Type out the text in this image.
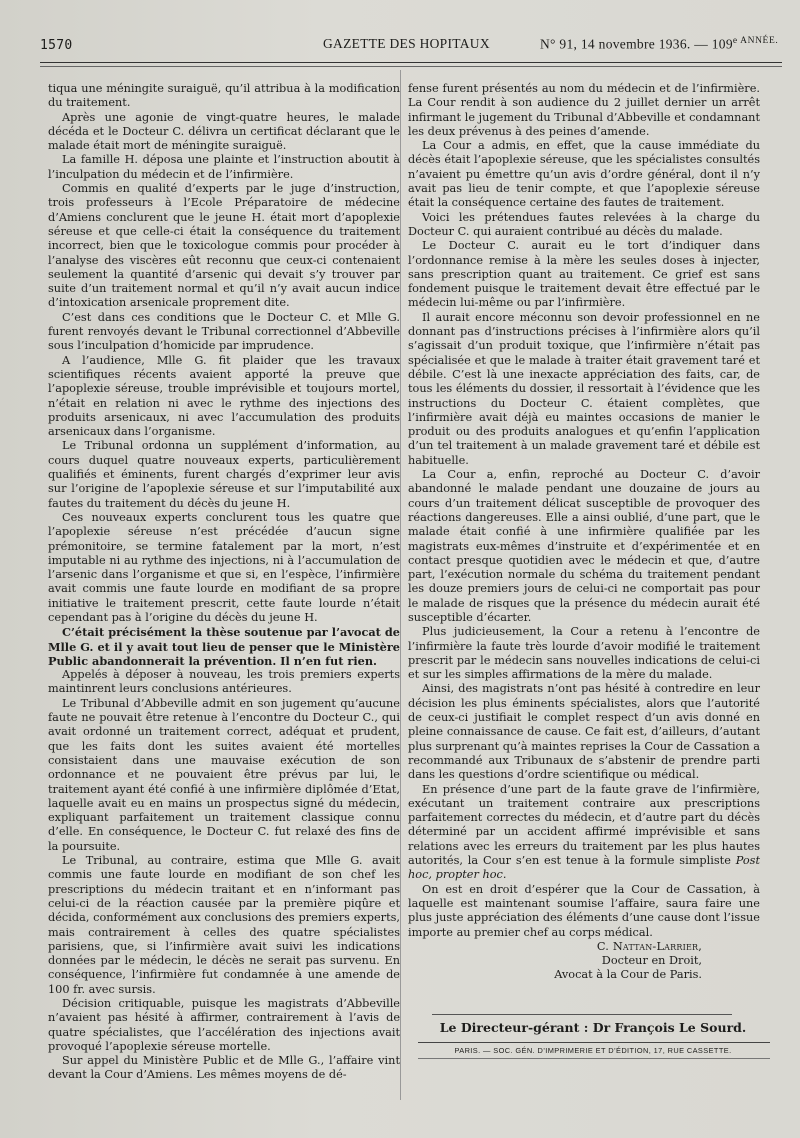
1570	GAZETTE DES HOPITAUX	N° 91, 14 novembre 1936. — $109^{e ANNÉE.}$

tiqua une méningite suraiguë, qu’il attribua à la modification du traitement.

Après une agonie de vingt-quatre heures, le malade décéda et le Docteur C. délivra un certificat déclarant que le malade était mort de méningite suraiguë.

La famille H. déposa une plainte et l’instruction aboutit à l’inculpation du médecin et de l’infirmière.

Commis en qualité d’experts par le juge d’instruction, trois professeurs à l’Ecole Préparatoire de médecine d’Amiens conclurent que le jeune H. était mort d’apoplexie séreuse et que celle-ci était la conséquence du traitement incorrect, bien que le toxicologue commis pour procéder à l’analyse des viscères eût reconnu que ceux-ci contenaient seulement la quantité d’arsenic qui devait s’y trouver par suite d’un traitement normal et qu’il n’y avait aucun indice d’intoxication arsenicale proprement dite.

C’est dans ces conditions que le Docteur C. et Mlle G. furent renvoyés devant le Tribunal correctionnel d’Abbeville sous l’inculpation d’homicide par imprudence.

A l’audience, Mlle G. fit plaider que les travaux scientifiques récents avaient apporté la preuve que l’apoplexie séreuse, trouble imprévisible et toujours mortel, n’était en relation ni avec le rythme des injections des produits arsenicaux, ni avec l’accumulation des produits arsenicaux dans l’organisme.

Le Tribunal ordonna un supplément d’information, au cours duquel quatre nouveaux experts, particulièrement qualifiés et éminents, furent chargés d’exprimer leur avis sur l’origine de l’apoplexie séreuse et sur l’imputabilité aux fautes du traitement du décès du jeune H.

Ces nouveaux experts conclurent tous les quatre que l’apoplexie séreuse n’est précédée d’aucun signe prémonitoire, se termine fatalement par la mort, n’est imputable ni au rythme des injections, ni à l’accumulation de l’arsenic dans l’organisme et que si, en l’espèce, l’infirmière avait commis une faute lourde en modifiant de sa propre initiative le traitement prescrit, cette faute lourde n’était cependant pas à l’origine du décès du jeune H.

C’était précisément la thèse soutenue par l’avocat de Mlle G. et il y avait tout lieu de penser que le Ministère Public abandonnerait la prévention. Il n’en fut rien.

Appelés à déposer à nouveau, les trois premiers experts maintinrent leurs conclusions antérieures.

Le Tribunal d’Abbeville admit en son jugement qu’aucune faute ne pouvait être retenue à l’encontre du Docteur C., qui avait ordonné un traitement correct, adéquat et prudent, que les faits dont les suites avaient été mortelles consistaient dans une mauvaise exécution de son ordonnance et ne pouvaient être prévus par lui, le traitement ayant été confié à une infirmière diplômée d’Etat, laquelle avait eu en mains un prospectus signé du médecin, expliquant parfaitement un traitement classique connu d’elle. En conséquence, le Docteur C. fut relaxé des fins de la poursuite.

Le Tribunal, au contraire, estima que Mlle G. avait commis une faute lourde en modifiant de son chef les prescriptions du médecin traitant et en n’informant pas celui-ci de la réaction causée par la première piqûre et décida, conformément aux conclusions des premiers experts, mais contrairement à celles des quatre spécialistes parisiens, que, si l’infirmière avait suivi les indications données par le médecin, le décès ne serait pas survenu. En conséquence, l’infirmière fut condamnée à une amende de 100 fr. avec sursis.

Décision critiquable, puisque les magistrats d’Abbeville n’avaient pas hésité à affirmer, contrairement à l’avis de quatre spécialistes, que l’accélération des injections avait provoqué l’apoplexie séreuse mortelle.

Sur appel du Ministère Public et de Mlle G., l’affaire vint devant la Cour d’Amiens. Les mêmes moyens de dé-

fense furent présentés au nom du médecin et de l’infirmière. La Cour rendit à son audience du 2 juillet dernier un arrêt infirmant le jugement du Tribunal d’Abbeville et condamnant les deux prévenus à des peines d’amende.

La Cour a admis, en effet, que la cause immédiate du décès était l’apoplexie séreuse, que les spécialistes consultés n’avaient pu émettre qu’un avis d’ordre général, dont il n’y avait pas lieu de tenir compte, et que l’apoplexie séreuse était la conséquence certaine des fautes de traitement.

Voici les prétendues fautes relevées à la charge du Docteur C. qui auraient contribué au décès du malade.

Le Docteur C. aurait eu le tort d’indiquer dans l’ordonnance remise à la mère les seules doses à injecter, sans prescription quant au traitement. Ce grief est sans fondement puisque le traitement devait être effectué par le médecin lui-même ou par l’infirmière.

Il aurait encore méconnu son devoir professionnel en ne donnant pas d’instructions précises à l’infirmière alors qu’il s’agissait d’un produit toxique, que l’infirmière n’était pas spécialisée et que le malade à traiter était gravement taré et débile. C’est là une inexacte appréciation des faits, car, de tous les éléments du dossier, il ressortait à l’évidence que les instructions du Docteur C. étaient complètes, que l’infirmière avait déjà eu maintes occasions de manier le produit ou des produits analogues et qu’enfin l’application d’un tel traitement à un malade gravement taré et débile est habituelle.

La Cour a, enfin, reproché au Docteur C. d’avoir abandonné le malade pendant une douzaine de jours au cours d’un traitement délicat susceptible de provoquer des réactions dangereuses. Elle a ainsi oublié, d’une part, que le malade était confié à une infirmière qualifiée par les magistrats eux-mêmes d’instruite et d’expérimentée et en contact presque quotidien avec le médecin et que, d’autre part, l’exécution normale du schéma du traitement pendant les douze premiers jours de celui-ci ne comportait pas pour le malade de risques que la présence du médecin aurait été susceptible d’écarter.

Plus judicieusement, la Cour a retenu à l’encontre de l’infirmière la faute très lourde d’avoir modifié le traitement prescrit par le médecin sans nouvelles indications de celui-ci et sur les simples affirmations de la mère du malade.

Ainsi, des magistrats n’ont pas hésité à contredire en leur décision les plus éminents spécialistes, alors que l’autorité de ceux-ci justifiait le complet respect d’un avis donné en pleine connaissance de cause. Ce fait est, d’ailleurs, d’autant plus surprenant qu’à maintes reprises la Cour de Cassation a recommandé aux Tribunaux de s’abstenir de prendre parti dans les questions d’ordre scientifique ou médical.

En présence d’une part de la faute grave de l’infirmière, exécutant un traitement contraire aux prescriptions parfaitement correctes du médecin, et d’autre part du décès déterminé par un accident affirmé imprévisible et sans relations avec les erreurs du traitement par les plus hautes autorités, la Cour s’en est tenue à la formule simpliste Post hoc, propter hoc.

On est en droit d’espérer que la Cour de Cassation, à laquelle est maintenant soumise l’affaire, saura faire une plus juste appréciation des éléments d’une cause dont l’issue importe au premier chef au corps médical.

C. Nattan-Larrier,

Docteur en Droit,

Avocat à la Cour de Paris.

Le Directeur-gérant : Dr François Le Sourd.
PARIS. — SOC. GÉN. D’IMPRIMERIE ET D’ÉDITION, 17, RUE CASSETTE.
